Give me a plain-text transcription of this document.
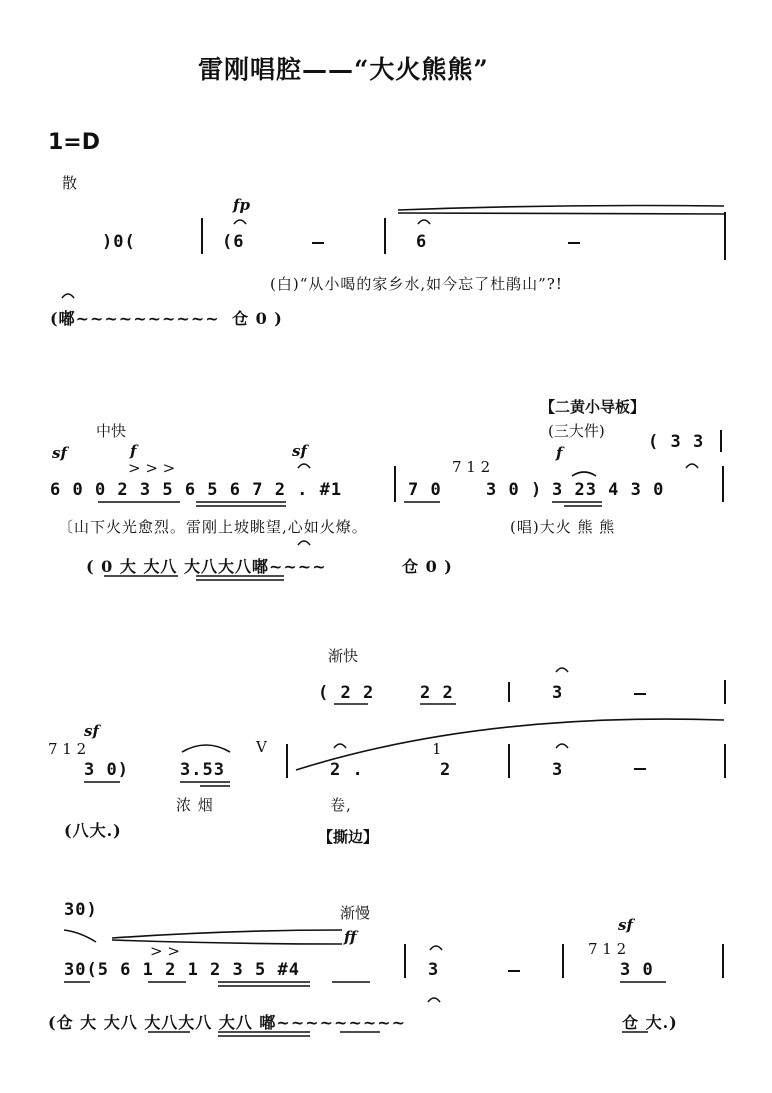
雷刚唱腔——“大火熊熊”
1=D
散
fp
)0(	(6	6
(白)“从小喝的家乡水,如今忘了杜鹃山”?!
(嘟~~~~~~~~~~ 仓 0 )
【二黄小导板】
中快	(三大件)
sf	f
> > >
sf	( 3 3
f
6 0 0 2 3 5 6 5 6 7 2 . #1	7 0
7 1 2
3 0 ) 3 23 4 3 0
〔山下火光愈烈。雷刚上坡眺望,心如火燎。	(唱)大火 熊 熊
( 0 大 大八 大八大八嘟~~~~	仓 0 )
渐快
( 2 2	2 2	3
sf
7 1 2
3 0)	3.53
V
2 .
1
2	3
浓 烟	卷,
(八大.)	【撕边】
30)	渐慢
sf
ff
> >	7 1 2
30(5 6 1 2 1 2 3 5 #4	3	3 0
(仓 大 大八 大八大八 大八 嘟~~~~~~~~~	仓 大.)
